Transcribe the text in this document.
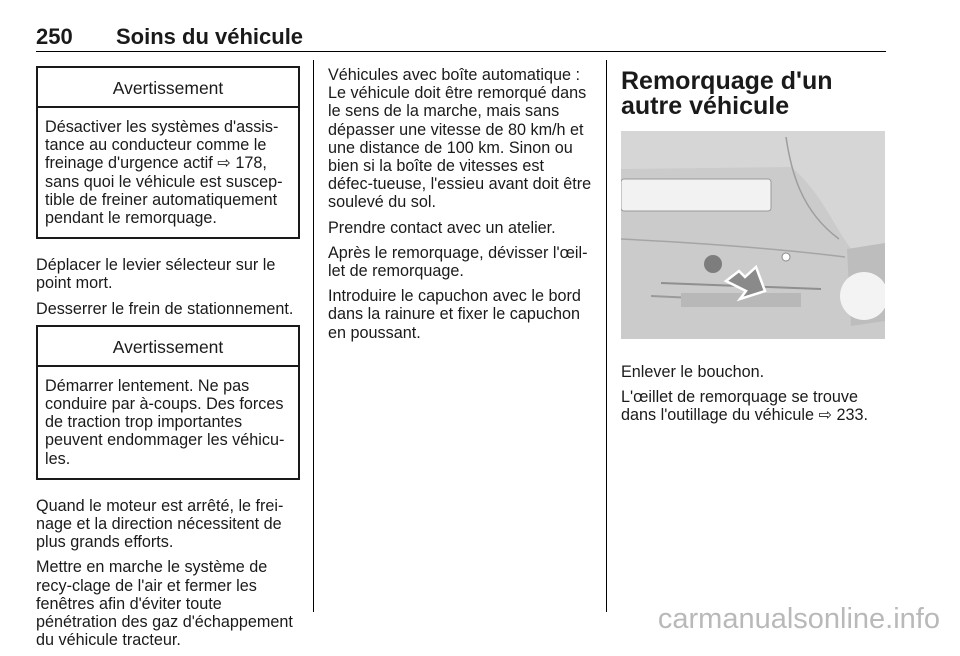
250 Soins du véhicule
Avertissement
Désactiver les systèmes d'assis-tance au conducteur comme le freinage d'urgence actif ⇨ 178, sans quoi le véhicule est suscep-tible de freiner automatiquement pendant le remorquage.

Déplacer le levier sélecteur sur le point mort.

Desserrer le frein de stationnement.

Avertissement
Démarrer lentement. Ne pas conduire par à-coups. Des forces de traction trop importantes peuvent endommager les véhicu-les.

Quand le moteur est arrêté, le frei-nage et la direction nécessitent de plus grands efforts.

Mettre en marche le système de recy-clage de l'air et fermer les fenêtres afin d'éviter toute pénétration des gaz d'échappement du véhicule tracteur.

Véhicules avec boîte automatique : Le véhicule doit être remorqué dans le sens de la marche, mais sans dépasser une vitesse de 80 km/h et une distance de 100 km. Sinon ou bien si la boîte de vitesses est défec-tueuse, l'essieu avant doit être soulevé du sol.

Prendre contact avec un atelier.

Après le remorquage, dévisser l'œil-let de remorquage.

Introduire le capuchon avec le bord dans la rainure et fixer le capuchon en poussant.

Remorquage d'un autre véhicule

Enlever le bouchon.

L'œillet de remorquage se trouve dans l'outillage du véhicule ⇨ 233.

carmanualsonline.info
